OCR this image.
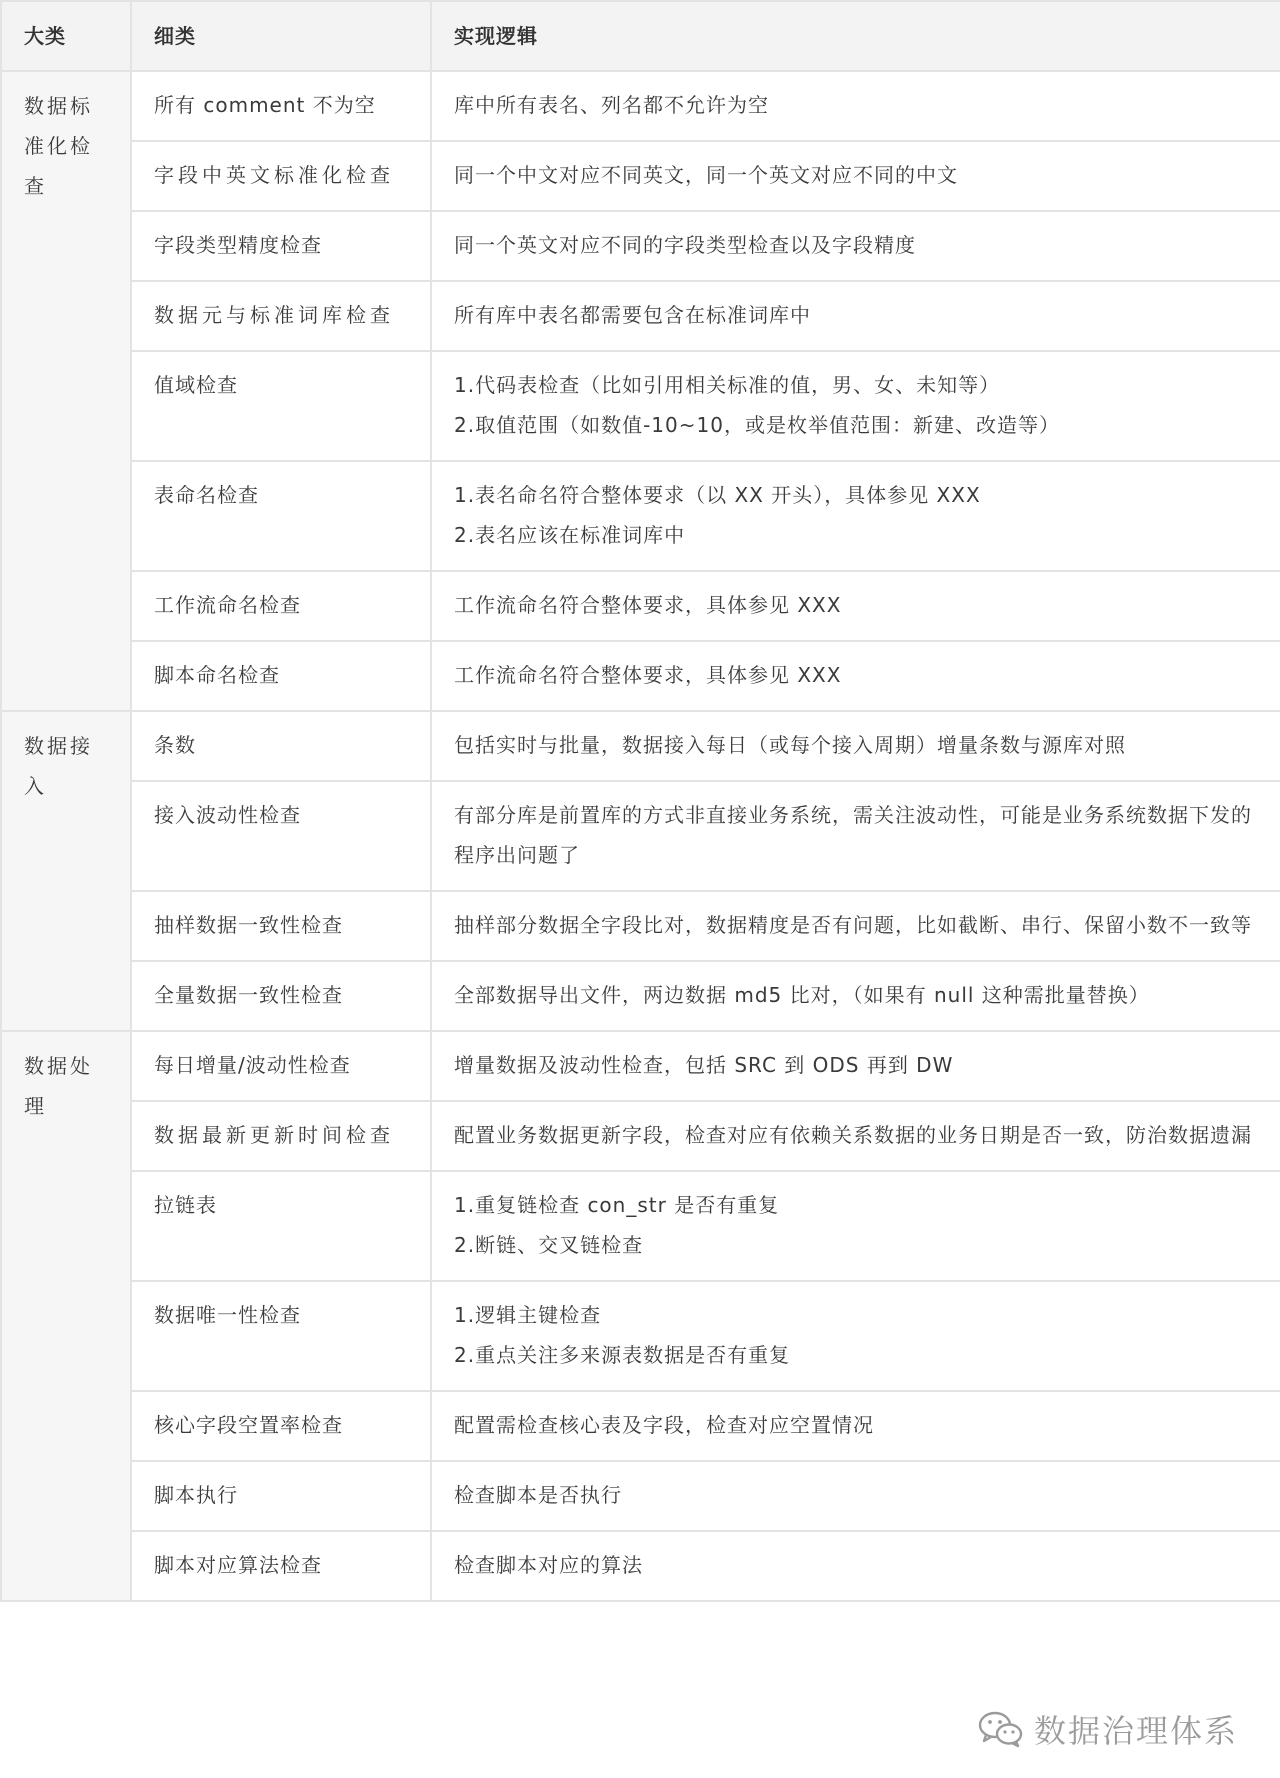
大类	细类	实现逻辑
数据标准化检查	所有 comment 不为空	库中所有表名、列名都不允许为空

	字段中英文标准化检查	同一个中文对应不同英文，同一个英文对应不同的中文

	字段类型精度检查	同一个英文对应不同的字段类型检查以及字段精度

	数据元与标准词库检查	所有库中表名都需要包含在标准词库中

	值域检查	1.代码表检查（比如引用相关标准的值，男、女、未知等）
2.取值范围（如数值-10~10，或是枚举值范围：新建、改造等）

	表命名检查	1.表名命名符合整体要求（以 XX 开头），具体参见 XXX
2.表名应该在标准词库中

	工作流命名检查	工作流命名符合整体要求，具体参见 XXX

	脚本命名检查	工作流命名符合整体要求，具体参见 XXX

数据接入	条数	包括实时与批量，数据接入每日（或每个接入周期）增量条数与源库对照

	接入波动性检查	有部分库是前置库的方式非直接业务系统，需关注波动性，可能是业务系统数据下发的程序出问题了

	抽样数据一致性检查	抽样部分数据全字段比对，数据精度是否有问题，比如截断、串行、保留小数不一致等

	全量数据一致性检查	全部数据导出文件，两边数据 md5 比对，（如果有 null 这种需批量替换）

数据处理	每日增量/波动性检查	增量数据及波动性检查，包括 SRC 到 ODS 再到 DW

	数据最新更新时间检查	配置业务数据更新字段，检查对应有依赖关系数据的业务日期是否一致，防治数据遗漏

	拉链表	1.重复链检查 con_str 是否有重复
2.断链、交叉链检查

	数据唯一性检查	1.逻辑主键检查
2.重点关注多来源表数据是否有重复

	核心字段空置率检查	配置需检查核心表及字段，检查对应空置情况

	脚本执行	检查脚本是否执行

	脚本对应算法检查	检查脚本对应的算法
数据治理体系
